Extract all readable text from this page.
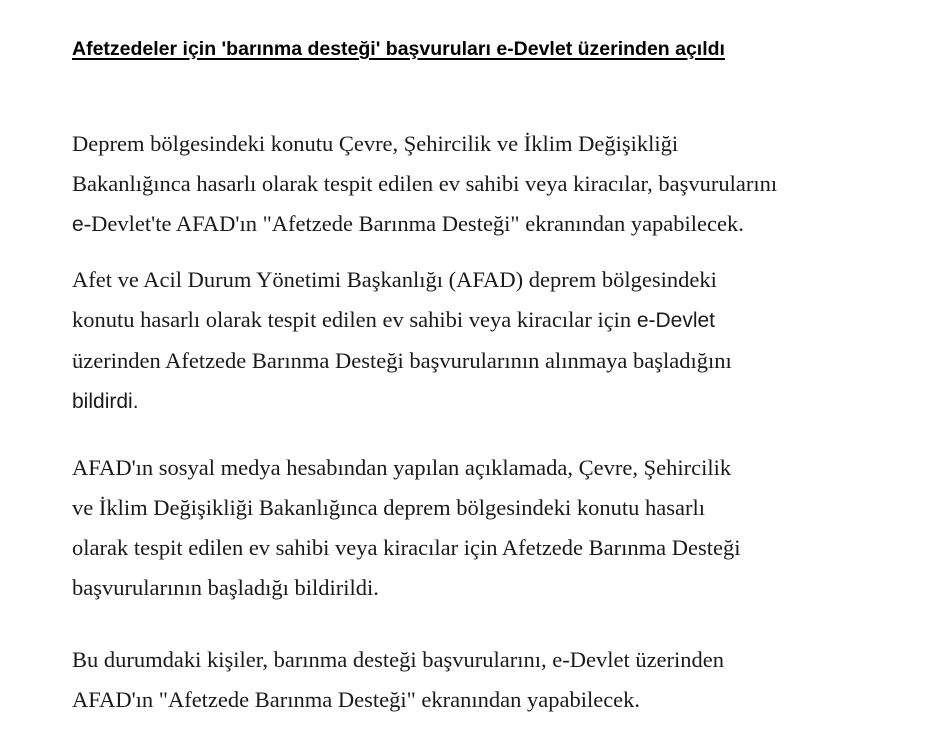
Afetzedeler için 'barınma desteği' başvuruları e-Devlet üzerinden açıldı

Deprem bölgesindeki konutu Çevre, Şehircilik ve İklim Değişikliği
Bakanlığınca hasarlı olarak tespit edilen ev sahibi veya kiracılar, başvurularını
e-Devlet'te AFAD'ın "Afetzede Barınma Desteği" ekranından yapabilecek.

Afet ve Acil Durum Yönetimi Başkanlığı (AFAD) deprem bölgesindeki
konutu hasarlı olarak tespit edilen ev sahibi veya kiracılar için e-Devlet
üzerinden Afetzede Barınma Desteği başvurularının alınmaya başladığını
bildirdi.

AFAD'ın sosyal medya hesabından yapılan açıklamada, Çevre, Şehircilik
ve İklim Değişikliği Bakanlığınca deprem bölgesindeki konutu hasarlı
olarak tespit edilen ev sahibi veya kiracılar için Afetzede Barınma Desteği
başvurularının başladığı bildirildi.

Bu durumdaki kişiler, barınma desteği başvurularını, e-Devlet üzerinden
AFAD'ın "Afetzede Barınma Desteği" ekranından yapabilecek.
